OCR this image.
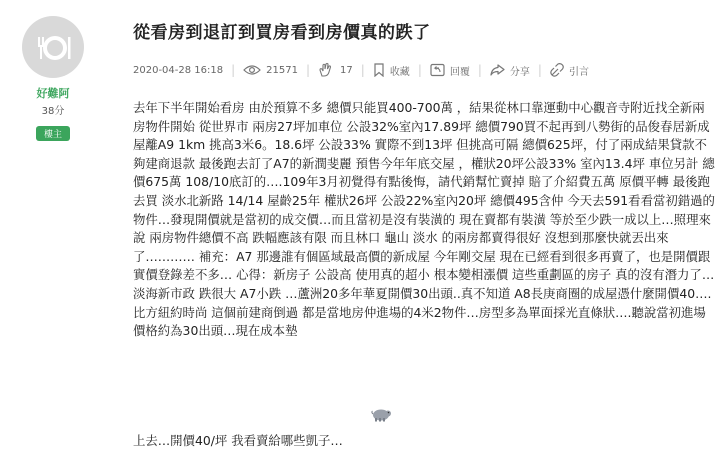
好難阿
38分
樓主
從看房到退訂到買房看到房價真的跌了
2020-04-28 16:18 |	21571 |	17 |	收藏 |	回覆 |	分享 |	引言

去年下半年開始看房 由於預算不多 總價只能買400-700萬 ，結果從林口靠運動中心觀音寺附近找全新兩房物件開始 從世界市 兩房27坪加車位 公設32%室內17.89坪 總價790買不起再到八勢街的品俊春居新成屋離A9 1km 挑高3米6。18.6坪 公設33% 實際不到13坪 但挑高可隔 總價625坪，付了兩成結果貸款不夠建商退款 最後跑去訂了A7的新潤斐麗 預售今年年底交屋 ，權狀20坪公設33% 室內13.4坪 車位另計 總價675萬 108/10底訂的….109年3月初覺得有點後悔，請代銷幫忙賣掉 賠了介紹費五萬 原價平轉 最後跑去買 淡水北新路 14/14 屋齡25年 權狀26坪 公設22%室內20坪 總價495含仲 今天去591看看當初錯過的物件…發現開價就是當初的成交價…而且當初是沒有裝潢的 現在賣都有裝潢 等於至少跌一成以上…照理來說 兩房物件總價不高 跌幅應該有限 而且林口 龜山 淡水 的兩房都賣得很好 沒想到那麼快就丟出來了………… 補充：A7 那邊誰有個區域最高價的新成屋 今年剛交屋 現在已經看到很多再賣了，也是開價跟實價登錄差不多… 心得：新房子 公設高 使用真的超小 根本變相漲價 這些重劃區的房子 真的沒有潛力了… 淡海新市政 跌很大 A7小跌 …蘆洲20多年華夏開價30出頭..真不知道 A8長庚商圈的成屋憑什麼開價40….比方紐約時尚 這個前建商倒過 都是當地房仲進場的4米2物件…房型多為單面採光直條狀….聽說當初進場價格約為30出頭…現在成本墊

上去…開價40/坪 我看賣給哪些凱子…
